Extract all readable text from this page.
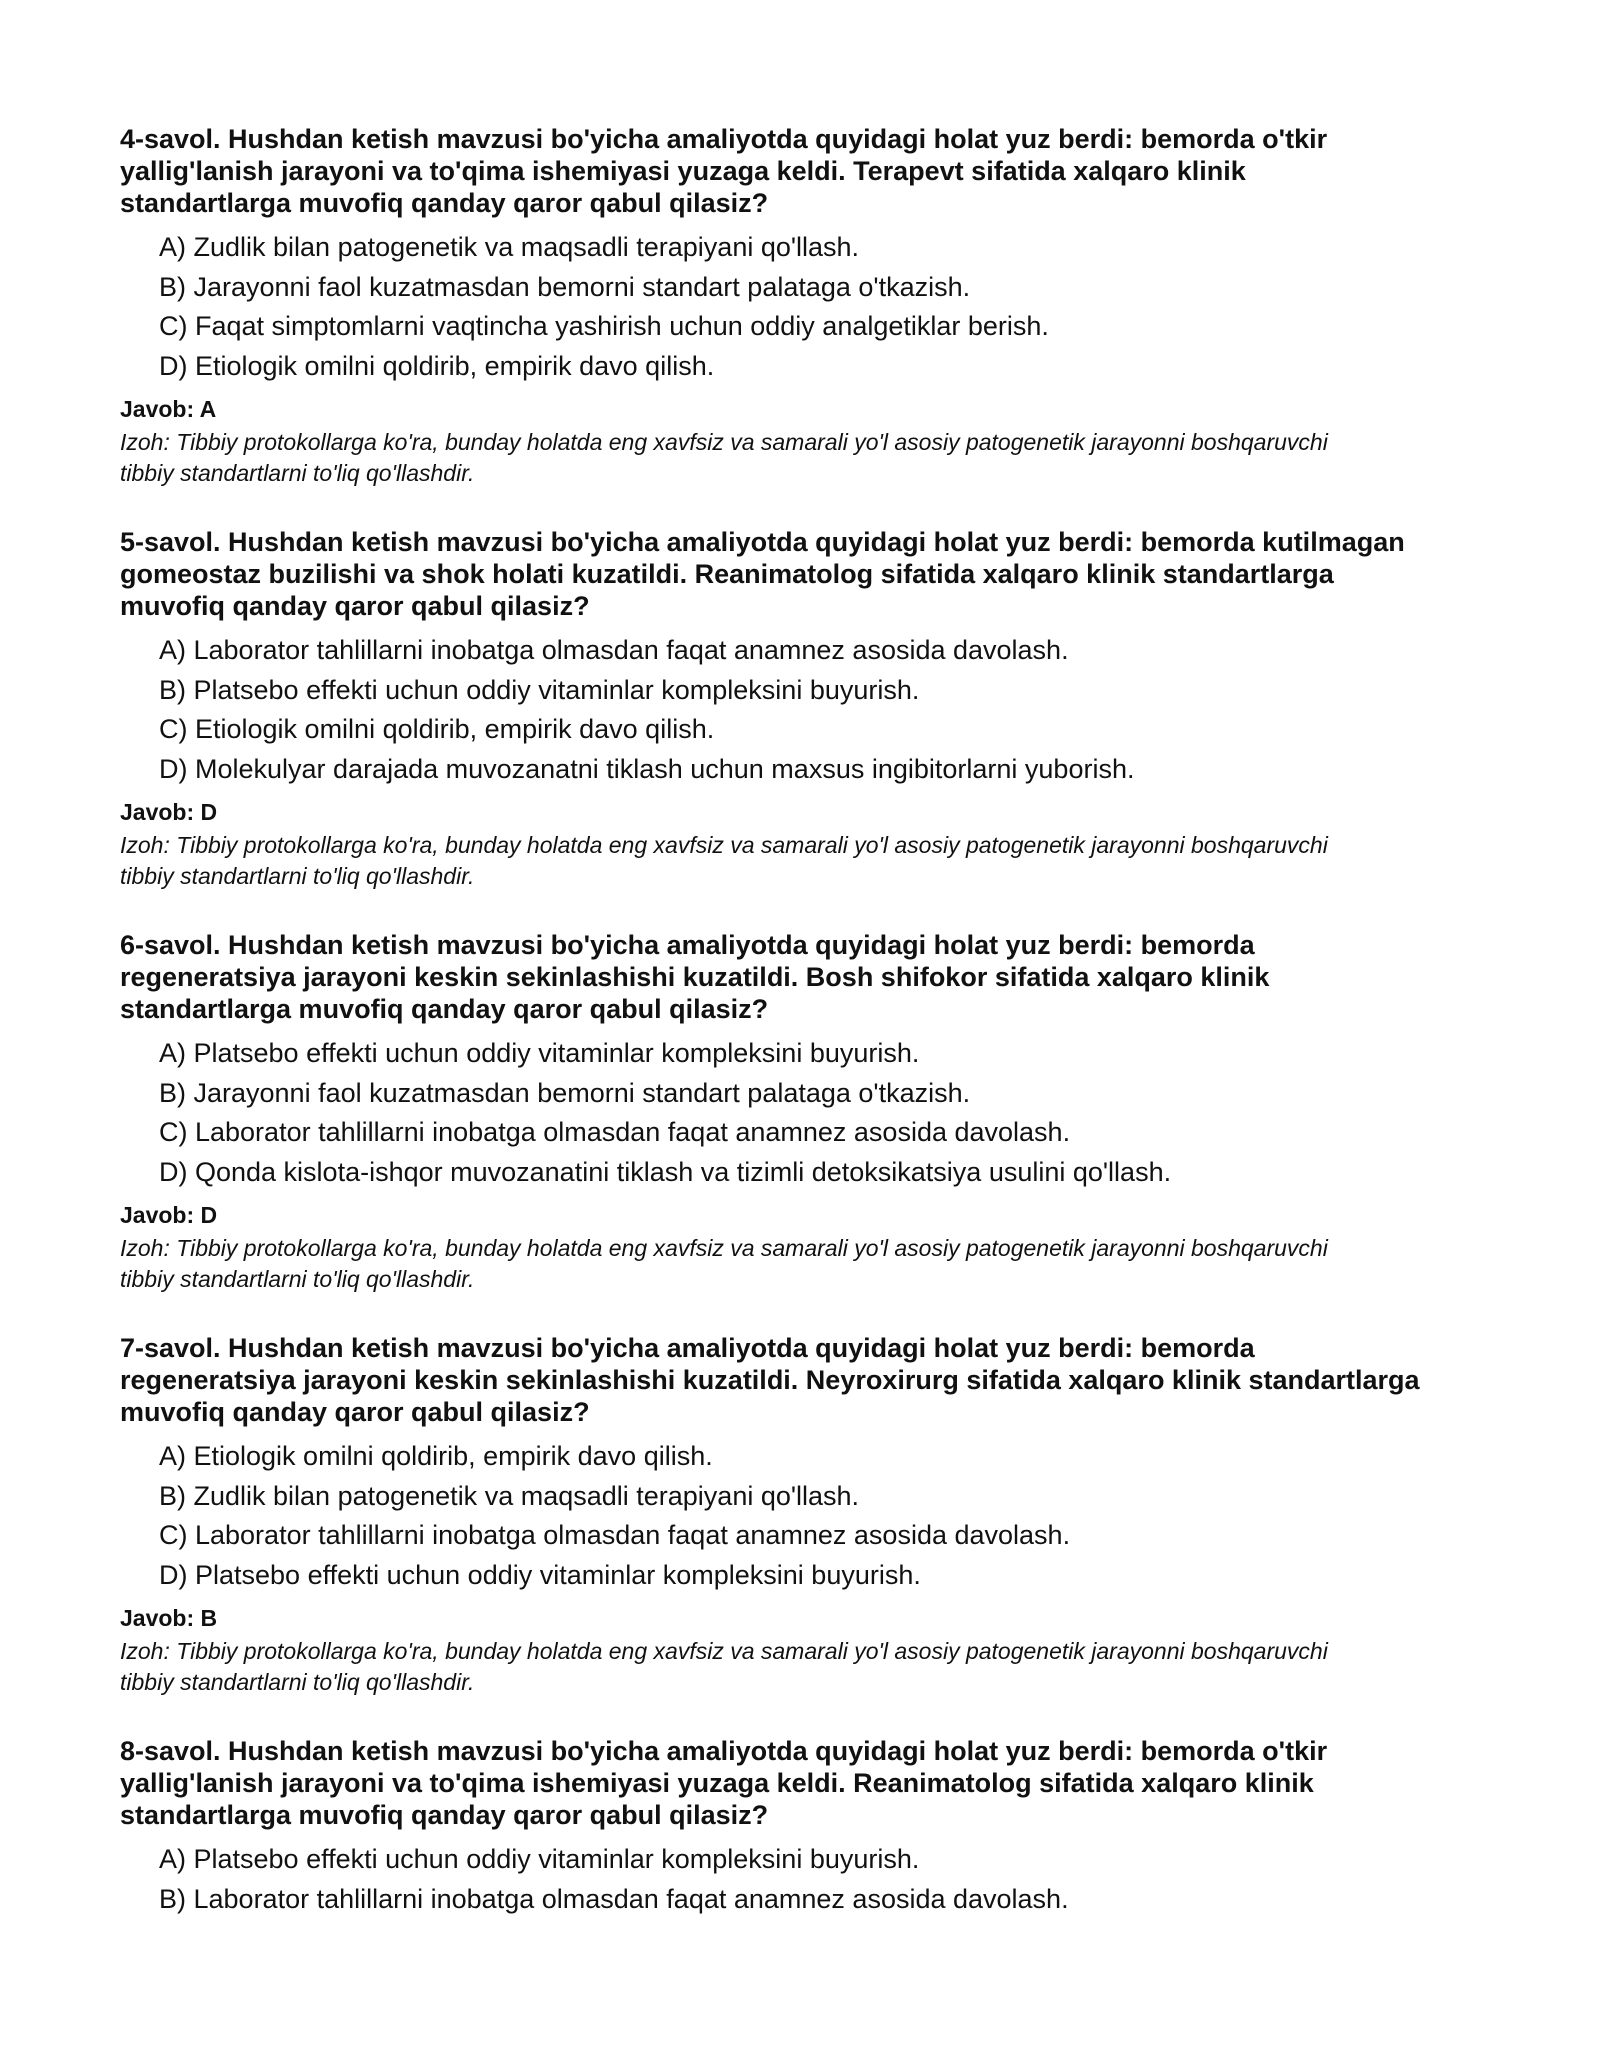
4-savol. Hushdan ketish mavzusi bo'yicha amaliyotda quyidagi holat yuz berdi: bemorda o'tkir yallig'lanish jarayoni va to'qima ishemiyasi yuzaga keldi. Terapevt sifatida xalqaro klinik standartlarga muvofiq qanday qaror qabul qilasiz?

A) Zudlik bilan patogenetik va maqsadli terapiyani qo'llash.
B) Jarayonni faol kuzatmasdan bemorni standart palataga o'tkazish.
C) Faqat simptomlarni vaqtincha yashirish uchun oddiy analgetiklar berish.
D) Etiologik omilni qoldirib, empirik davo qilish.

Javob: A

Izoh: Tibbiy protokollarga ko'ra, bunday holatda eng xavfsiz va samarali yo'l asosiy patogenetik jarayonni boshqaruvchi tibbiy standartlarni to'liq qo'llashdir.

5-savol. Hushdan ketish mavzusi bo'yicha amaliyotda quyidagi holat yuz berdi: bemorda kutilmagan gomeostaz buzilishi va shok holati kuzatildi. Reanimatolog sifatida xalqaro klinik standartlarga muvofiq qanday qaror qabul qilasiz?

A) Laborator tahlillarni inobatga olmasdan faqat anamnez asosida davolash.
B) Platsebo effekti uchun oddiy vitaminlar kompleksini buyurish.
C) Etiologik omilni qoldirib, empirik davo qilish.
D) Molekulyar darajada muvozanatni tiklash uchun maxsus ingibitorlarni yuborish.

Javob: D

Izoh: Tibbiy protokollarga ko'ra, bunday holatda eng xavfsiz va samarali yo'l asosiy patogenetik jarayonni boshqaruvchi tibbiy standartlarni to'liq qo'llashdir.

6-savol. Hushdan ketish mavzusi bo'yicha amaliyotda quyidagi holat yuz berdi: bemorda regeneratsiya jarayoni keskin sekinlashishi kuzatildi. Bosh shifokor sifatida xalqaro klinik standartlarga muvofiq qanday qaror qabul qilasiz?

A) Platsebo effekti uchun oddiy vitaminlar kompleksini buyurish.
B) Jarayonni faol kuzatmasdan bemorni standart palataga o'tkazish.
C) Laborator tahlillarni inobatga olmasdan faqat anamnez asosida davolash.
D) Qonda kislota-ishqor muvozanatini tiklash va tizimli detoksikatsiya usulini qo'llash.

Javob: D

Izoh: Tibbiy protokollarga ko'ra, bunday holatda eng xavfsiz va samarali yo'l asosiy patogenetik jarayonni boshqaruvchi tibbiy standartlarni to'liq qo'llashdir.

7-savol. Hushdan ketish mavzusi bo'yicha amaliyotda quyidagi holat yuz berdi: bemorda regeneratsiya jarayoni keskin sekinlashishi kuzatildi. Neyroxirurg sifatida xalqaro klinik standartlarga muvofiq qanday qaror qabul qilasiz?

A) Etiologik omilni qoldirib, empirik davo qilish.
B) Zudlik bilan patogenetik va maqsadli terapiyani qo'llash.
C) Laborator tahlillarni inobatga olmasdan faqat anamnez asosida davolash.
D) Platsebo effekti uchun oddiy vitaminlar kompleksini buyurish.

Javob: B

Izoh: Tibbiy protokollarga ko'ra, bunday holatda eng xavfsiz va samarali yo'l asosiy patogenetik jarayonni boshqaruvchi tibbiy standartlarni to'liq qo'llashdir.

8-savol. Hushdan ketish mavzusi bo'yicha amaliyotda quyidagi holat yuz berdi: bemorda o'tkir yallig'lanish jarayoni va to'qima ishemiyasi yuzaga keldi. Reanimatolog sifatida xalqaro klinik standartlarga muvofiq qanday qaror qabul qilasiz?

A) Platsebo effekti uchun oddiy vitaminlar kompleksini buyurish.
B) Laborator tahlillarni inobatga olmasdan faqat anamnez asosida davolash.
